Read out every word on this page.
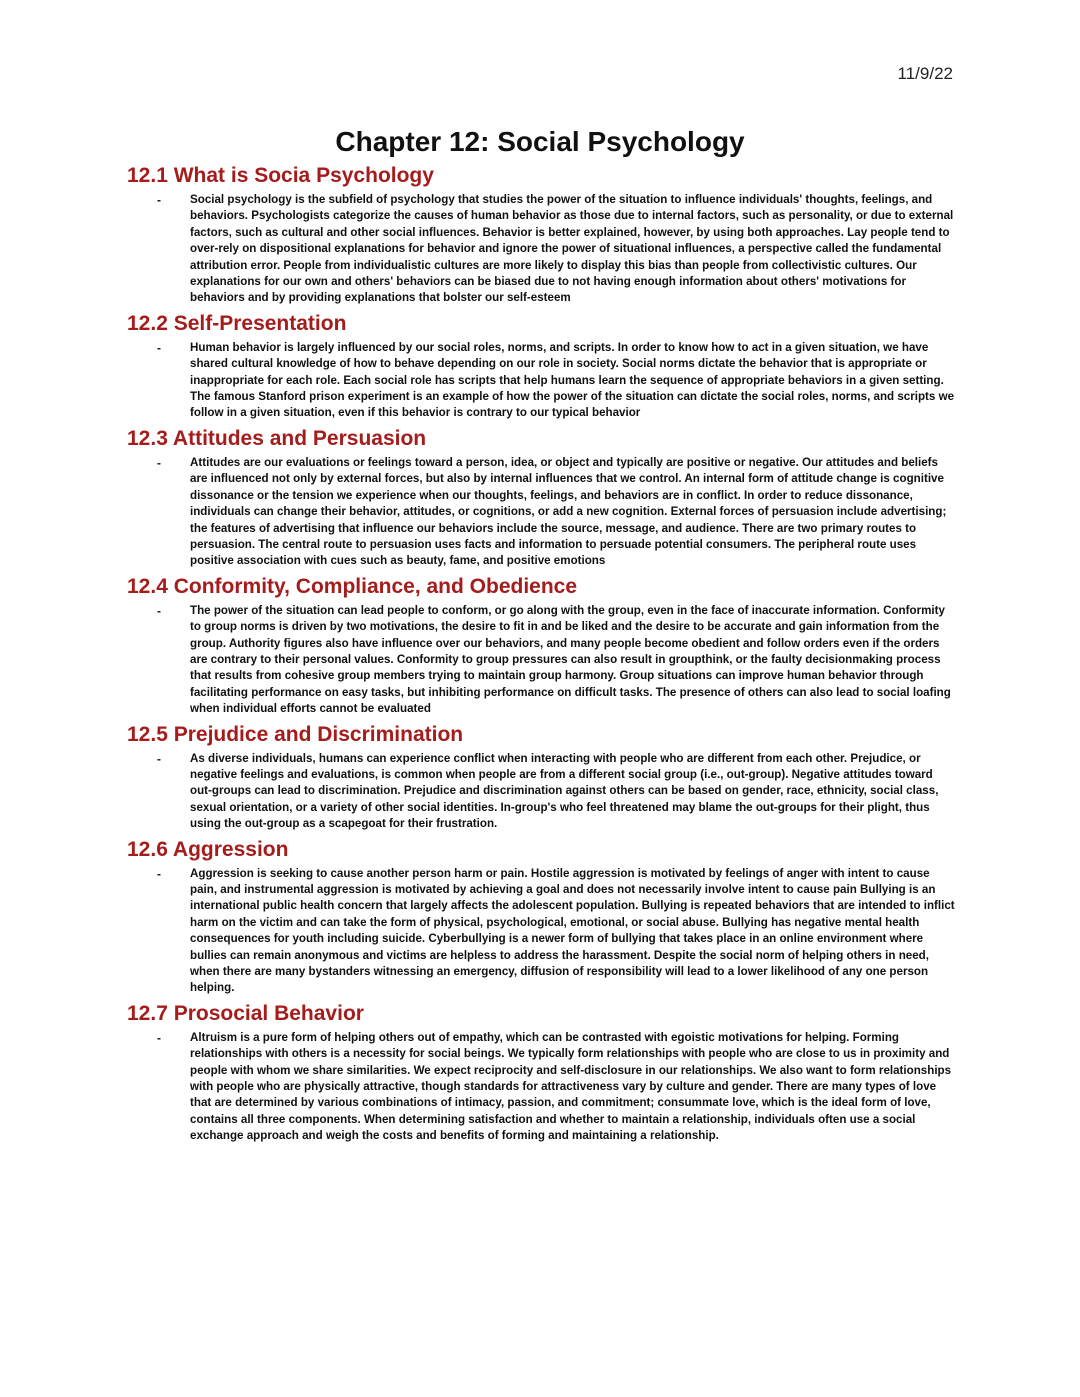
11/9/22
Chapter 12: Social Psychology
12.1 What is Socia Psychology
-	Social psychology is the subfield of psychology that studies the power of the situation to influence individuals' thoughts, feelings, and behaviors. Psychologists categorize the causes of human behavior as those due to internal factors, such as personality, or due to external factors, such as cultural and other social influences. Behavior is better explained, however, by using both approaches. Lay people tend to over-rely on dispositional explanations for behavior and ignore the power of situational influences, a perspective called the fundamental attribution error. People from individualistic cultures are more likely to display this bias than people from collectivistic cultures. Our explanations for our own and others' behaviors can be biased due to not having enough information about others' motivations for behaviors and by providing explanations that bolster our self-esteem

12.2 Self-Presentation
-	Human behavior is largely influenced by our social roles, norms, and scripts. In order to know how to act in a given situation, we have shared cultural knowledge of how to behave depending on our role in society. Social norms dictate the behavior that is appropriate or inappropriate for each role. Each social role has scripts that help humans learn the sequence of appropriate behaviors in a given setting. The famous Stanford prison experiment is an example of how the power of the situation can dictate the social roles, norms, and scripts we follow in a given situation, even if this behavior is contrary to our typical behavior

12.3 Attitudes and Persuasion
-	Attitudes are our evaluations or feelings toward a person, idea, or object and typically are positive or negative. Our attitudes and beliefs are influenced not only by external forces, but also by internal influences that we control. An internal form of attitude change is cognitive dissonance or the tension we experience when our thoughts, feelings, and behaviors are in conflict. In order to reduce dissonance, individuals can change their behavior, attitudes, or cognitions, or add a new cognition. External forces of persuasion include advertising; the features of advertising that influence our behaviors include the source, message, and audience. There are two primary routes to persuasion. The central route to persuasion uses facts and information to persuade potential consumers. The peripheral route uses positive association with cues such as beauty, fame, and positive emotions

12.4 Conformity, Compliance, and Obedience
-	The power of the situation can lead people to conform, or go along with the group, even in the face of inaccurate information. Conformity to group norms is driven by two motivations, the desire to fit in and be liked and the desire to be accurate and gain information from the group. Authority figures also have influence over our behaviors, and many people become obedient and follow orders even if the orders are contrary to their personal values. Conformity to group pressures can also result in groupthink, or the faulty decisionmaking process that results from cohesive group members trying to maintain group harmony. Group situations can improve human behavior through facilitating performance on easy tasks, but inhibiting performance on difficult tasks. The presence of others can also lead to social loafing when individual efforts cannot be evaluated

12.5 Prejudice and Discrimination
-	As diverse individuals, humans can experience conflict when interacting with people who are different from each other. Prejudice, or negative feelings and evaluations, is common when people are from a different social group (i.e., out-group). Negative attitudes toward out-groups can lead to discrimination. Prejudice and discrimination against others can be based on gender, race, ethnicity, social class, sexual orientation, or a variety of other social identities. In-group's who feel threatened may blame the out-groups for their plight, thus using the out-group as a scapegoat for their frustration.

12.6 Aggression
-	Aggression is seeking to cause another person harm or pain. Hostile aggression is motivated by feelings of anger with intent to cause pain, and instrumental aggression is motivated by achieving a goal and does not necessarily involve intent to cause pain Bullying is an international public health concern that largely affects the adolescent population. Bullying is repeated behaviors that are intended to inflict harm on the victim and can take the form of physical, psychological, emotional, or social abuse. Bullying has negative mental health consequences for youth including suicide. Cyberbullying is a newer form of bullying that takes place in an online environment where bullies can remain anonymous and victims are helpless to address the harassment. Despite the social norm of helping others in need, when there are many bystanders witnessing an emergency, diffusion of responsibility will lead to a lower likelihood of any one person helping.

12.7 Prosocial Behavior
-	Altruism is a pure form of helping others out of empathy, which can be contrasted with egoistic motivations for helping. Forming relationships with others is a necessity for social beings. We typically form relationships with people who are close to us in proximity and people with whom we share similarities. We expect reciprocity and self-disclosure in our relationships. We also want to form relationships with people who are physically attractive, though standards for attractiveness vary by culture and gender. There are many types of love that are determined by various combinations of intimacy, passion, and commitment; consummate love, which is the ideal form of love, contains all three components. When determining satisfaction and whether to maintain a relationship, individuals often use a social exchange approach and weigh the costs and benefits of forming and maintaining a relationship.
